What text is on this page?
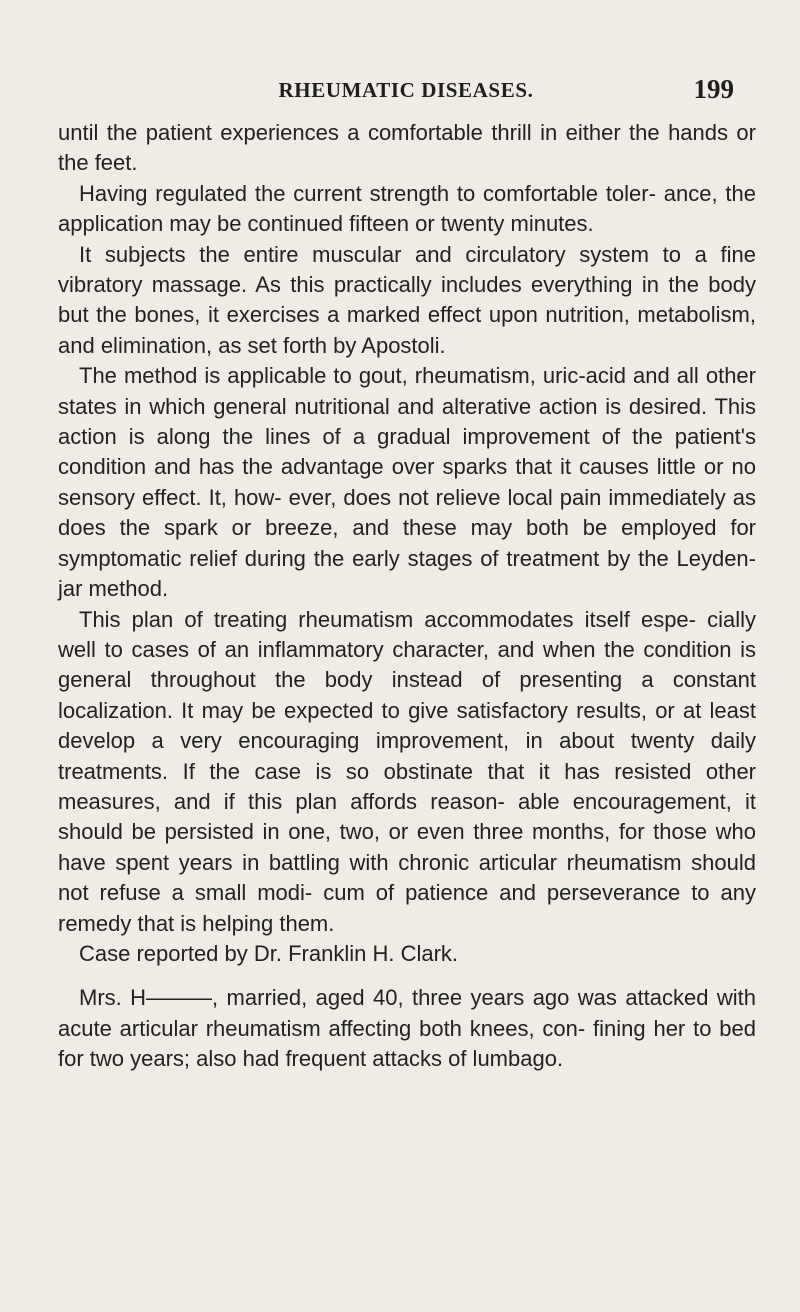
RHEUMATIC DISEASES.	199

until the patient experiences a comfortable thrill in either the hands or the feet.

Having regulated the current strength to comfortable toler- ance, the application may be continued fifteen or twenty minutes.

It subjects the entire muscular and circulatory system to a fine vibratory massage. As this practically includes everything in the body but the bones, it exercises a marked effect upon nutrition, metabolism, and elimination, as set forth by Apostoli.

The method is applicable to gout, rheumatism, uric-acid and all other states in which general nutritional and alterative action is desired. This action is along the lines of a gradual improvement of the patient's condition and has the advantage over sparks that it causes little or no sensory effect. It, how- ever, does not relieve local pain immediately as does the spark or breeze, and these may both be employed for symptomatic relief during the early stages of treatment by the Leyden-jar method.

This plan of treating rheumatism accommodates itself espe- cially well to cases of an inflammatory character, and when the condition is general throughout the body instead of presenting a constant localization. It may be expected to give satisfactory results, or at least develop a very encouraging improvement, in about twenty daily treatments. If the case is so obstinate that it has resisted other measures, and if this plan affords reason- able encouragement, it should be persisted in one, two, or even three months, for those who have spent years in battling with chronic articular rheumatism should not refuse a small modi- cum of patience and perseverance to any remedy that is helping them.

Case reported by Dr. Franklin H. Clark.

Mrs. H———, married, aged 40, three years ago was attacked with acute articular rheumatism affecting both knees, con- fining her to bed for two years; also had frequent attacks of lumbago.
